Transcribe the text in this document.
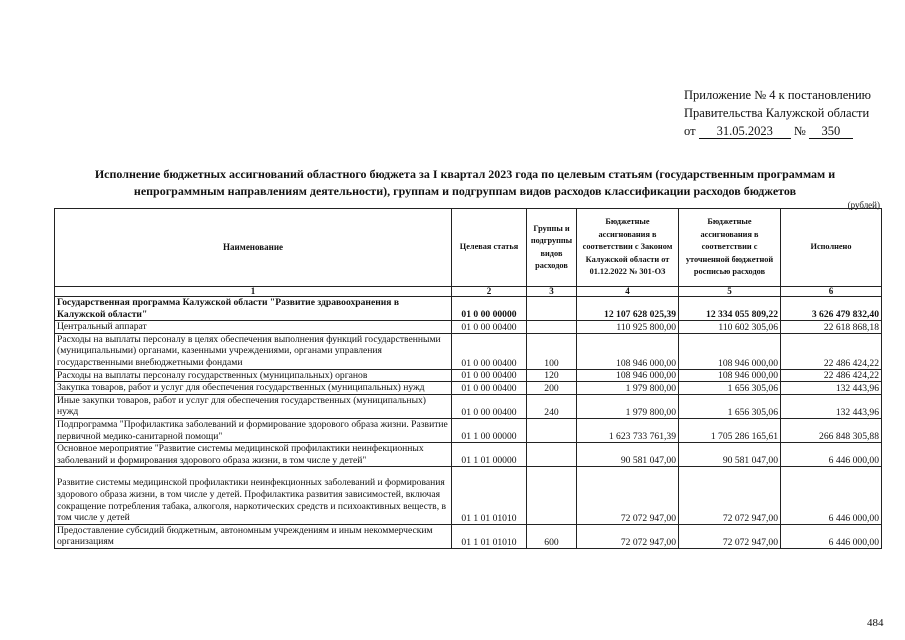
Приложение № 4 к постановлению
Правительства Калужской области
от 31.05.2023 № 350
Исполнение бюджетных ассигнований областного бюджета за I квартал 2023 года по целевым статьям (государственным программам и непрограммным направлениям деятельности), группам и подгруппам видов расходов классификации расходов бюджетов
(рублей)
Наименование	Целевая статья	Группы и подгруппы видов расходов	Бюджетные ассигнования в соответствии с Законом Калужской области от 01.12.2022 № 301-ОЗ	Бюджетные ассигнования в соответствии с уточненной бюджетной росписью расходов	Исполнено
1	2	3	4	5	6
Государственная программа Калужской области "Развитие здравоохранения в Калужской области"	01 0 00 00000		12 107 628 025,39	12 334 055 809,22	3 626 479 832,40
Центральный аппарат	01 0 00 00400		110 925 800,00	110 602 305,06	22 618 868,18
Расходы на выплаты персоналу в целях обеспечения выполнения функций государственными (муниципальными) органами, казенными учреждениями, органами управления государственными внебюджетными фондами	01 0 00 00400	100	108 946 000,00	108 946 000,00	22 486 424,22
Расходы на выплаты персоналу государственных (муниципальных) органов	01 0 00 00400	120	108 946 000,00	108 946 000,00	22 486 424,22
Закупка товаров, работ и услуг для обеспечения государственных (муниципальных) нужд	01 0 00 00400	200	1 979 800,00	1 656 305,06	132 443,96
Иные закупки товаров, работ и услуг для обеспечения государственных (муниципальных) нужд	01 0 00 00400	240	1 979 800,00	1 656 305,06	132 443,96
Подпрограмма "Профилактика заболеваний и формирование здорового образа жизни. Развитие первичной медико-санитарной помощи"	01 1 00 00000		1 623 733 761,39	1 705 286 165,61	266 848 305,88
Основное мероприятие "Развитие системы медицинской профилактики неинфекционных заболеваний и формирования здорового образа жизни, в том числе у детей"	01 1 01 00000		90 581 047,00	90 581 047,00	6 446 000,00
Развитие системы медицинской профилактики неинфекционных заболеваний и формирования здорового образа жизни, в том числе у детей. Профилактика развития зависимостей, включая сокращение потребления табака, алкоголя, наркотических средств и психоактивных веществ, в том числе у детей	01 1 01 01010		72 072 947,00	72 072 947,00	6 446 000,00
Предоставление субсидий бюджетным, автономным учреждениям и иным некоммерческим организациям	01 1 01 01010	600	72 072 947,00	72 072 947,00	6 446 000,00
484
